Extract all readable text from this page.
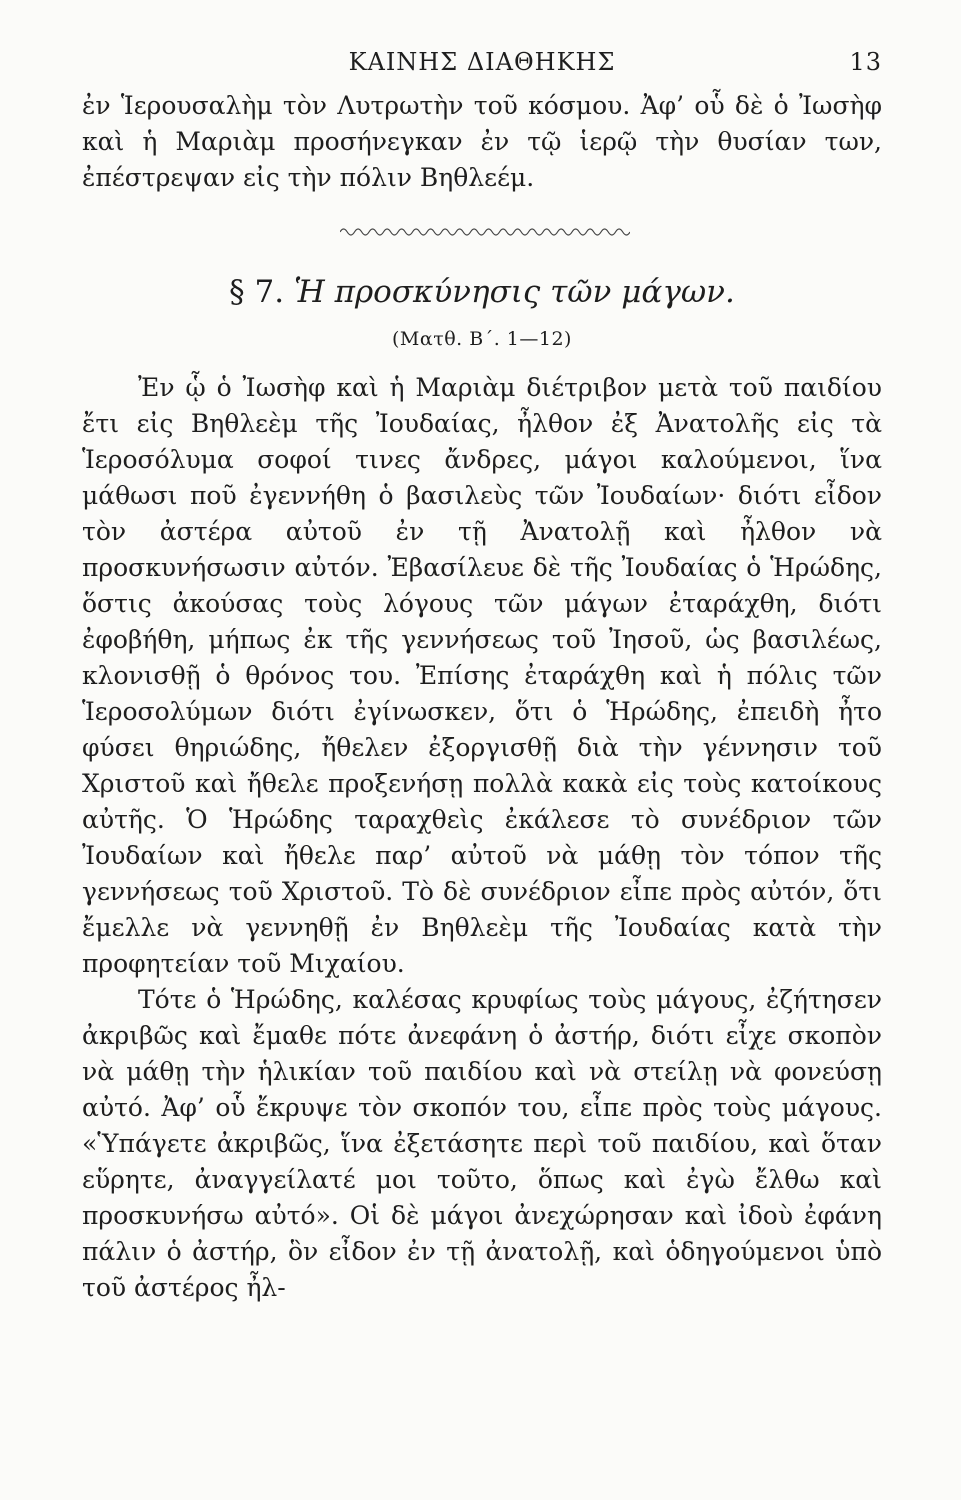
ΚΑΙΝΗΣ ΔΙΑΘΗΚΗΣ	13

ἐν Ἱερουσαλὴμ τὸν Λυτρωτὴν τοῦ κόσμου. Ἀφ’ οὗ δὲ ὁ Ἰωσὴφ καὶ ἡ Μαριὰμ προσήνεγκαν ἐν τῷ ἱερῷ τὴν θυσίαν των, ἐπέστρεψαν εἰς τὴν πόλιν Βηθλεέμ.

§ 7. Ἡ προσκύνησις τῶν μάγων.
(Ματθ. Β΄. 1—12)

Ἐν ᾧ ὁ Ἰωσὴφ καὶ ἡ Μαριὰμ διέτριβον μετὰ τοῦ παιδίου ἔτι εἰς Βηθλεὲμ τῆς Ἰουδαίας, ἦλθον ἐξ Ἀνατολῆς εἰς τὰ Ἱεροσόλυμα σοφοί τινες ἄνδρες, μάγοι καλούμενοι, ἵνα μάθωσι ποῦ ἐγεννήθη ὁ βασιλεὺς τῶν Ἰουδαίων· διότι εἶδον τὸν ἀστέρα αὐτοῦ ἐν τῇ Ἀνατολῇ καὶ ἦλθον νὰ προσκυνήσωσιν αὐτόν. Ἐβασίλευε δὲ τῆς Ἰουδαίας ὁ Ἡρώδης, ὅστις ἀκούσας τοὺς λόγους τῶν μάγων ἐταράχθη, διότι ἐφοβήθη, μήπως ἐκ τῆς γεννήσεως τοῦ Ἰησοῦ, ὡς βασιλέως, κλονισθῇ ὁ θρόνος του. Ἐπίσης ἐταράχθη καὶ ἡ πόλις τῶν Ἱεροσολύμων διότι ἐγίνωσκεν, ὅτι ὁ Ἡρώδης, ἐπειδὴ ἦτο φύσει θηριώδης, ἤθελεν ἐξοργισθῇ διὰ τὴν γέννησιν τοῦ Χριστοῦ καὶ ἤθελε προξενήσῃ πολλὰ κακὰ εἰς τοὺς κατοίκους αὐτῆς. Ὁ Ἡρώδης ταραχθεὶς ἐκάλεσε τὸ συνέδριον τῶν Ἰουδαίων καὶ ἤθελε παρ’ αὐτοῦ νὰ μάθῃ τὸν τόπον τῆς γεννήσεως τοῦ Χριστοῦ. Τὸ δὲ συνέδριον εἶπε πρὸς αὐτόν, ὅτι ἔμελλε νὰ γεννηθῇ ἐν Βηθλεὲμ τῆς Ἰουδαίας κατὰ τὴν προφητείαν τοῦ Μιχαίου.

Τότε ὁ Ἡρώδης, καλέσας κρυφίως τοὺς μάγους, ἐζήτησεν ἀκριβῶς καὶ ἔμαθε πότε ἀνεφάνη ὁ ἀστήρ, διότι εἶχε σκοπὸν νὰ μάθῃ τὴν ἡλικίαν τοῦ παιδίου καὶ νὰ στείλῃ νὰ φονεύσῃ αὐτό. Ἀφ’ οὗ ἔκρυψε τὸν σκοπόν του, εἶπε πρὸς τοὺς μάγους. «Ὑπάγετε ἀκριβῶς, ἵνα ἐξετάσητε περὶ τοῦ παιδίου, καὶ ὅταν εὕρητε, ἀναγγείλατέ μοι τοῦτο, ὅπως καὶ ἐγὼ ἔλθω καὶ προσκυνήσω αὐτό». Οἱ δὲ μάγοι ἀνεχώρησαν καὶ ἰδοὺ ἐφάνη πάλιν ὁ ἀστήρ, ὃν εἶδον ἐν τῇ ἀνατολῇ, καὶ ὁδηγούμενοι ὑπὸ τοῦ ἀστέρος ἦλ-
